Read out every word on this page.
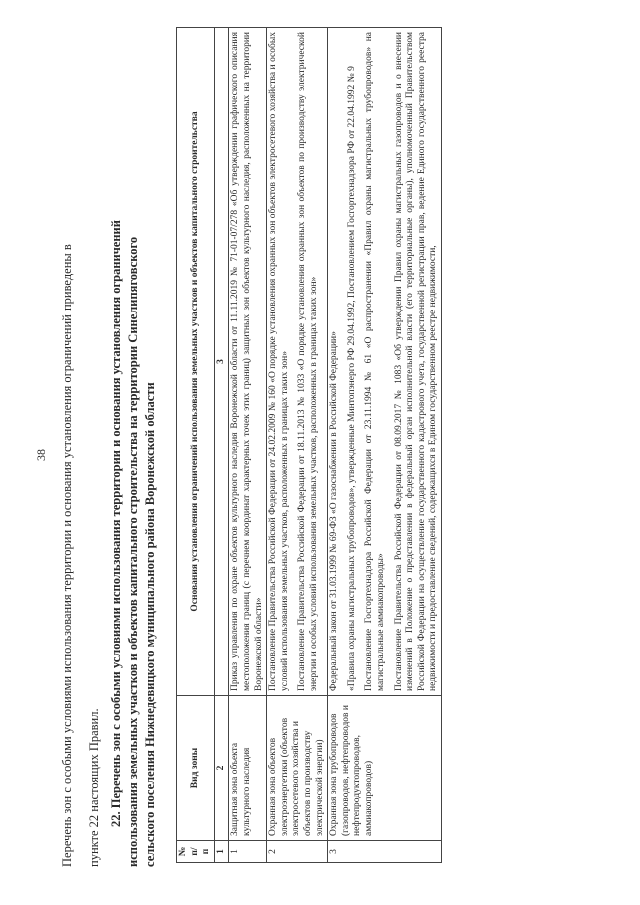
38 Перечень зон с особыми условиями использования территории и основания установления ограничений приведены в	пункте 22 настоящих Правил. 22. Перечень зон с особыми условиями использования территории и основания установления ограничений использования земельных участков и объектов капитального строительства на территории Синелипяговского сельского поселения Нижнедевицкого муниципального района Воронежской области № п/п	Вид зоны	Основания установления ограничений использования земельных участков и объектов капитального строительства
1	2	3
1	Защитная зона объекта культурного наследия	Приказ управления по охране объектов культурного наследия Воронежской области от 11.11.2019 № 71-01-07/278 «Об утверждении графического описания местоположения границ (с перечнем координат характерных точек этих границ) защитных зон объектов культурного наследия, расположенных на территории Воронежской области»

2	Охранная зона объектов электроэнергетики (объектов электросетевого хозяйства и объектов по производству электрической энергии)	Постановление Правительства Российской Федерации от 24.02.2009 № 160 «О порядке установления охранных зон объектов электросетевого хозяйства и особых условий использования земельных участков, расположенных в границах таких зон» Постановление Правительства Российской Федерации от 18.11.2013 № 1033 «О порядке установления охранных зон объектов по производству электрической энергии и особых условий использования земельных участков, расположенных в границах таких зон»

3	Охранная зона трубопроводов (газопроводов, нефтепроводов и нефтепродуктопроводов, аммиакопроводов)	Федеральный закон от 31.03.1999 № 69-ФЗ «О газоснабжении в Российской Федерации» «Правила охраны магистральных трубопроводов», утвержденные Минтопэнерго РФ 29.04.1992, Постановлением Госгортехнадзора РФ от 22.04.1992 № 9 Постановление Госгортехнадзора Российской Федерации от 23.11.1994 № 61 «О распространении «Правил охраны магистральных трубопроводов» на магистральные аммиакопроводы» Постановление Правительства Российской Федерации от 08.09.2017 № 1083 «Об утверждении Правил охраны магистральных газопроводов и о внесении изменений в Положение о представлении в федеральный орган исполнительной власти (его территориальные органы), уполномоченный Правительством Российской Федерации на осуществление государственного кадастрового учета, государственной регистрации прав, ведение Единого государственного реестра недвижимости и предоставление сведений, содержащихся в Едином государственном реестре недвижимости,
